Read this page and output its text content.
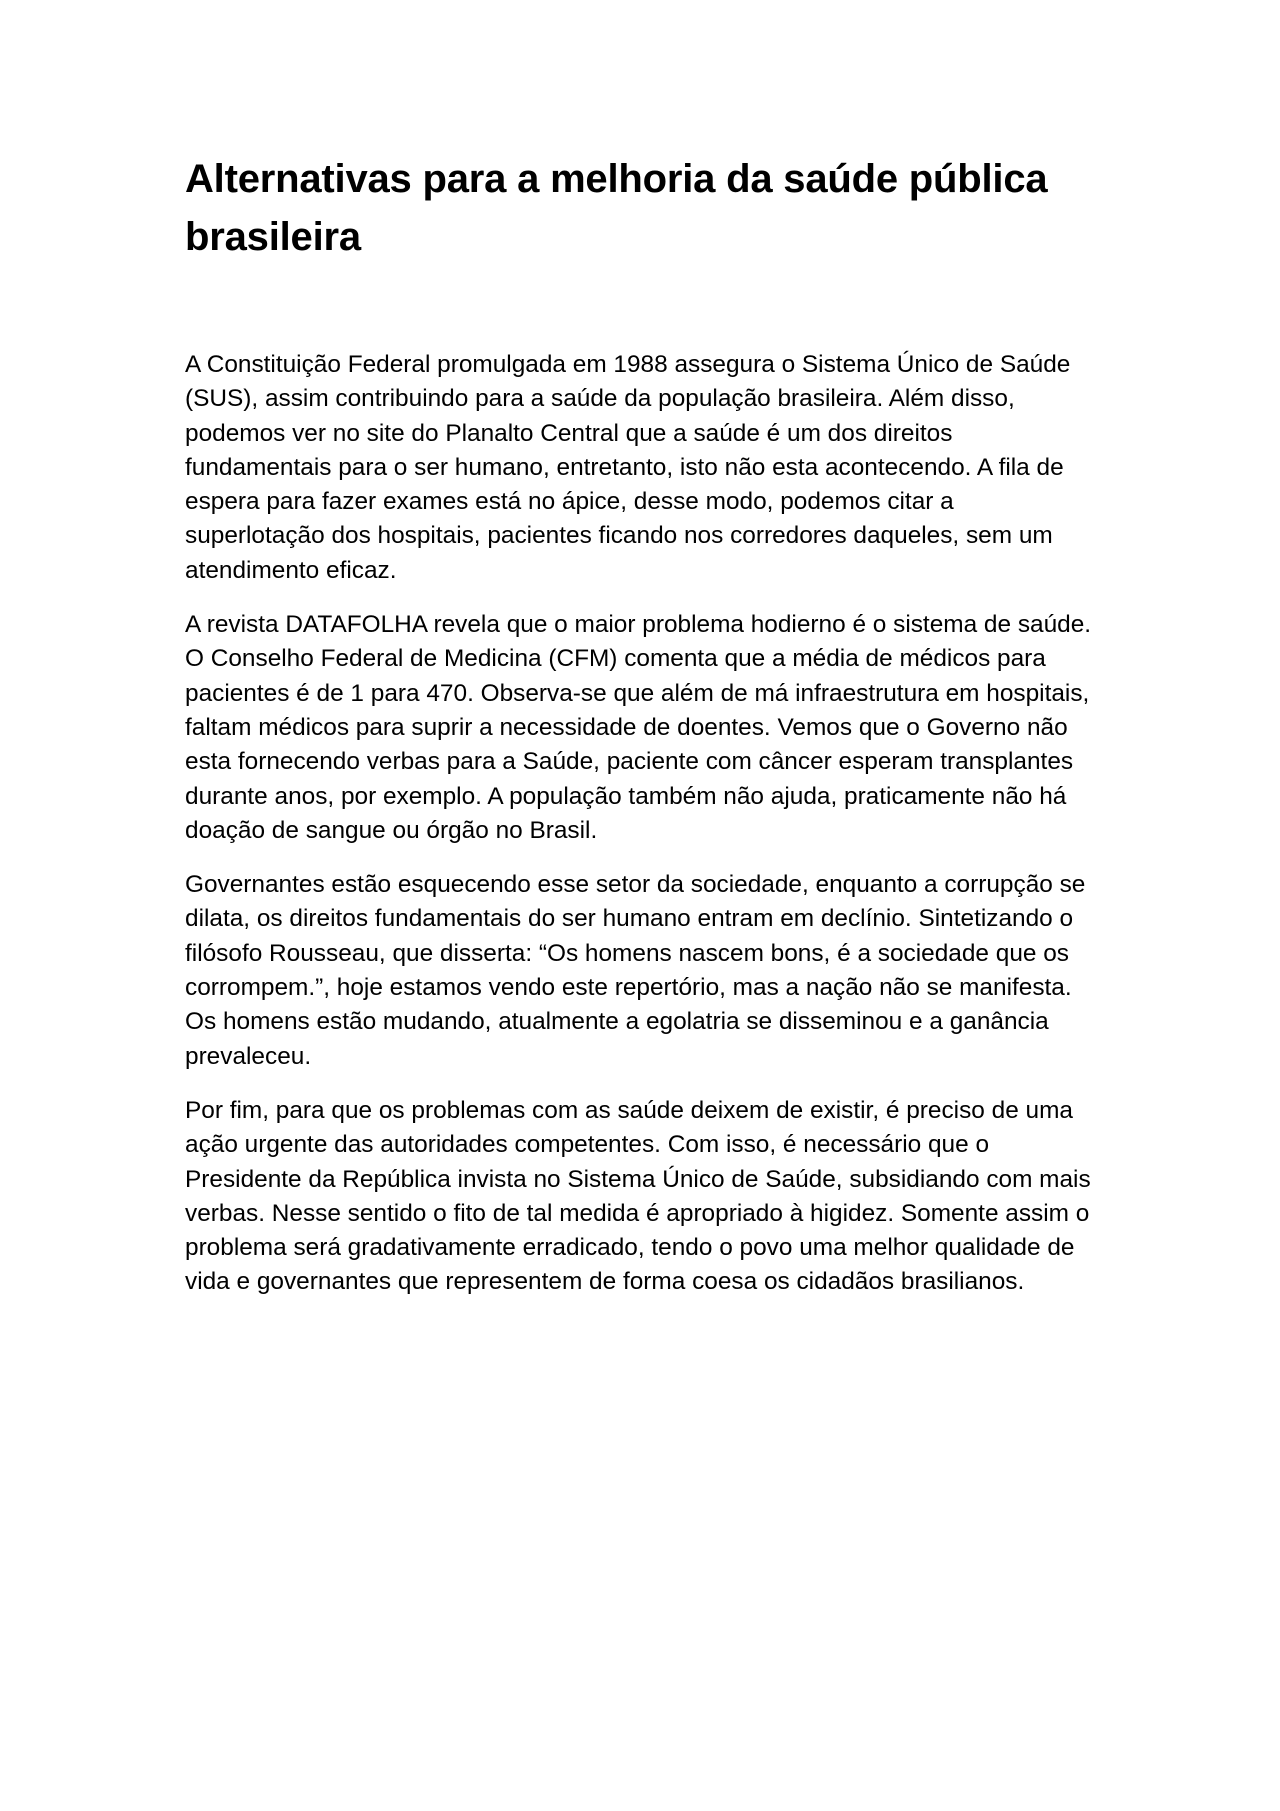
Alternativas para a melhoria da saúde pública brasileira

A Constituição Federal promulgada em 1988 assegura o Sistema Único de Saúde (SUS), assim contribuindo para a saúde da população brasileira. Além disso, podemos ver no site do Planalto Central que a saúde é um dos direitos fundamentais para o ser humano, entretanto, isto não esta acontecendo. A fila de espera para fazer exames está no ápice, desse modo, podemos citar a superlotação dos hospitais, pacientes ficando nos corredores daqueles, sem um atendimento eficaz.

A revista DATAFOLHA revela que o maior problema hodierno é o sistema de saúde. O Conselho Federal de Medicina (CFM) comenta que a média de médicos para pacientes é de 1 para 470. Observa-se que além de má infraestrutura em hospitais, faltam médicos para suprir a necessidade de doentes. Vemos que o Governo não esta fornecendo verbas para a Saúde, paciente com câncer esperam transplantes durante anos, por exemplo. A população também não ajuda, praticamente não há doação de sangue ou órgão no Brasil.

Governantes estão esquecendo esse setor da sociedade, enquanto a corrupção se dilata, os direitos fundamentais do ser humano entram em declínio. Sintetizando o filósofo Rousseau, que disserta: “Os homens nascem bons, é a sociedade que os corrompem.”, hoje estamos vendo este repertório, mas a nação não se manifesta. Os homens estão mudando, atualmente a egolatria se disseminou e a ganância prevaleceu.

Por fim, para que os problemas com as saúde deixem de existir, é preciso de uma ação urgente das autoridades competentes. Com isso, é necessário que o Presidente da República invista no Sistema Único de Saúde, subsidiando com mais verbas. Nesse sentido o fito de tal medida é apropriado à higidez. Somente assim o problema será gradativamente erradicado, tendo o povo uma melhor qualidade de vida e governantes que representem de forma coesa os cidadãos brasilianos.
